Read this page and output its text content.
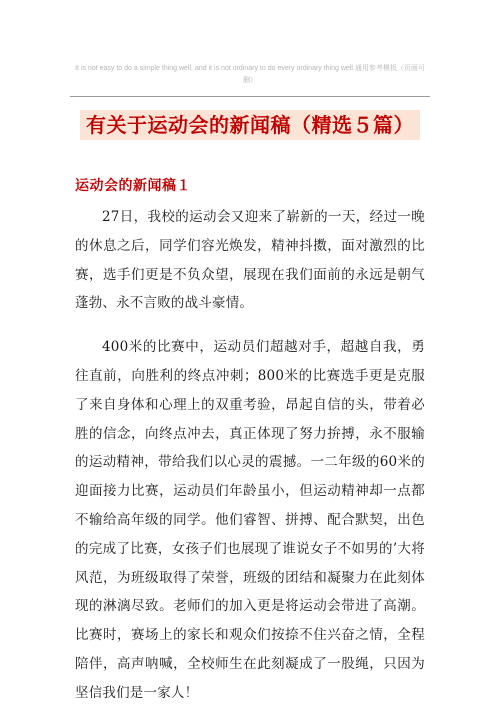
It is not easy to do a simple thing well, and it is not ordinary to do every ordinary thing well.通用参考模板（页面可删）
有关于运动会的新闻稿（精选５篇）
运动会的新闻稿１

27日，我校的运动会又迎来了崭新的一天，经过一晚的休息之后，同学们容光焕发，精神抖擞，面对激烈的比赛，选手们更是不负众望，展现在我们面前的永远是朝气蓬勃、永不言败的战斗豪情。

400米的比赛中，运动员们超越对手，超越自我，勇往直前，向胜利的终点冲刺；800米的比赛选手更是克服了来自身体和心理上的双重考验，昂起自信的头，带着必胜的信念，向终点冲去，真正体现了努力拚搏，永不服输的运动精神，带给我们以心灵的震撼。一二年级的60米的迎面接力比赛，运动员们年龄虽小，但运动精神却一点都不输给高年级的同学。他们睿智、拼搏、配合默契，出色的完成了比赛，女孩子们也展现了谁说女子不如男的’大将风范，为班级取得了荣誉，班级的团结和凝聚力在此刻体现的淋漓尽致。老师们的加入更是将运动会带进了高潮。比赛时，赛场上的家长和观众们按捺不住兴奋之情，全程陪伴，高声呐喊，全校师生在此刻凝成了一股绳，只因为坚信我们是一家人！
